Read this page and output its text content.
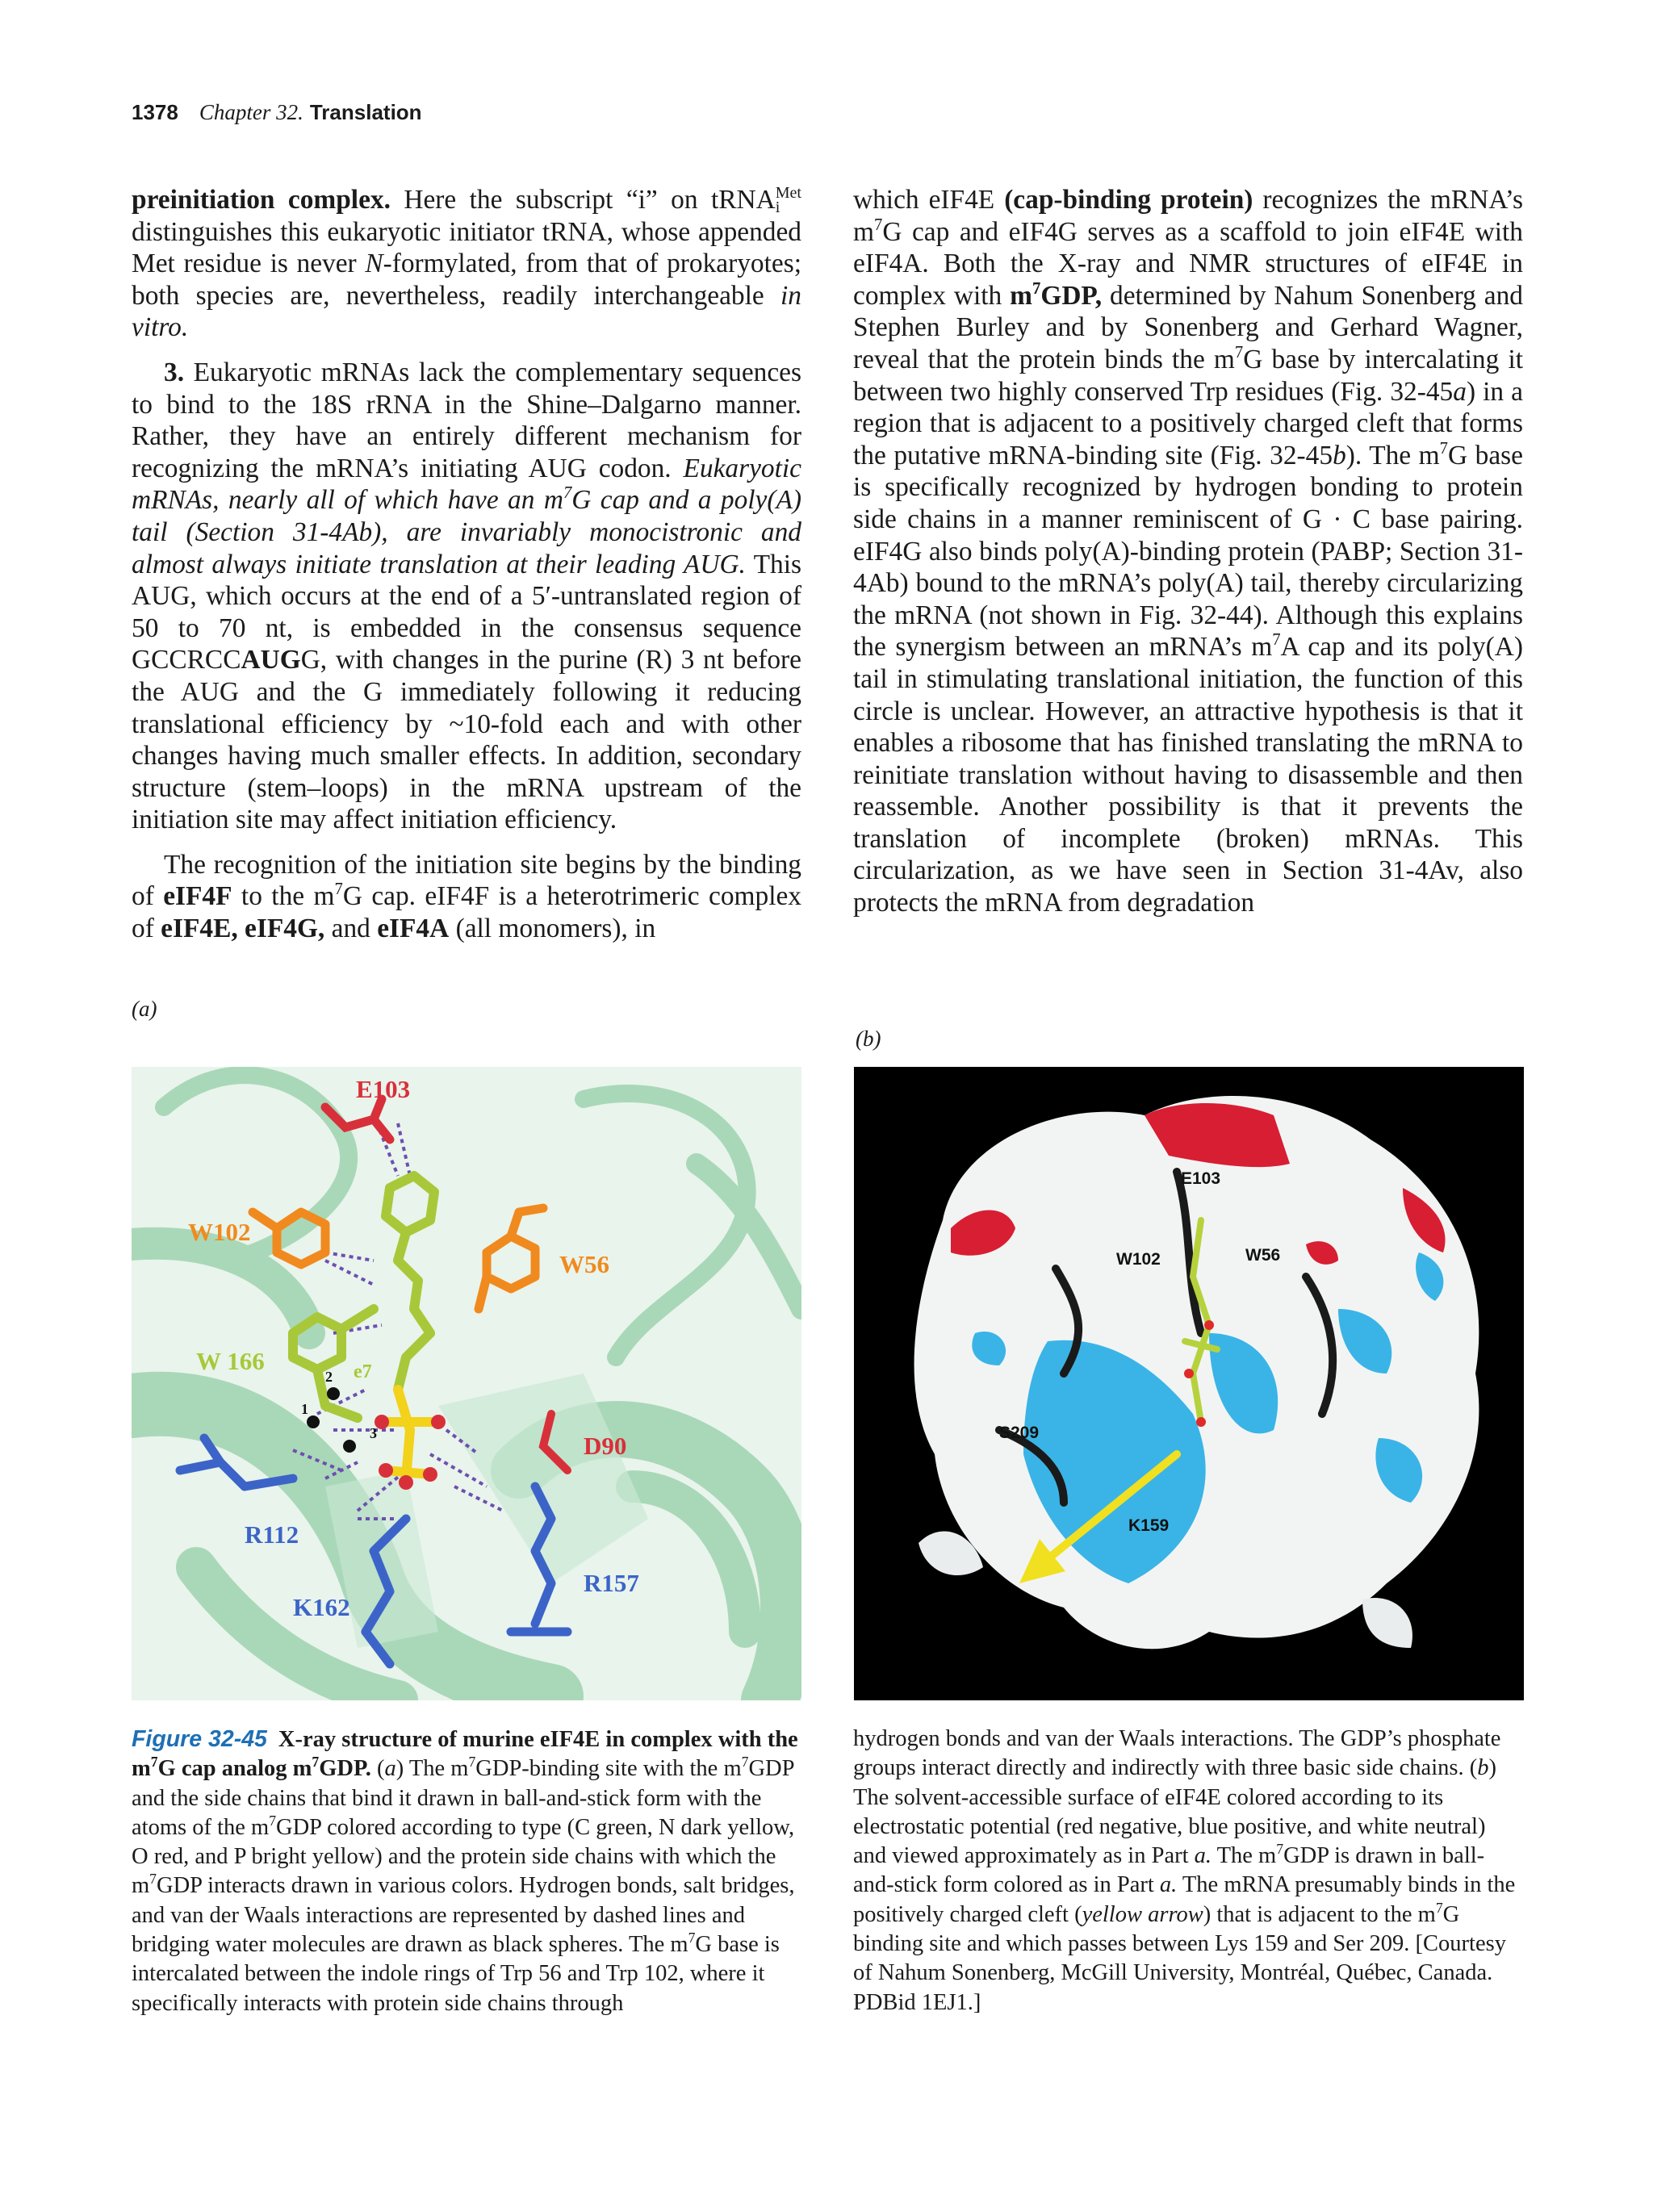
1378 Chapter 32. Translation

preinitiation complex. Here the subscript “i” on tRNA Met
i
distinguishes this eukaryotic initiator tRNA, whose appended Met residue is never N-formylated, from that of prokaryotes; both species are, nevertheless, readily interchangeable in vitro.

3. Eukaryotic mRNAs lack the complementary sequences to bind to the 18S rRNA in the Shine–Dalgarno manner. Rather, they have an entirely different mechanism for recognizing the mRNA’s initiating AUG codon. Eukaryotic mRNAs, nearly all of which have an $m^7G$ cap and a poly(A) tail (Section 31-4Ab), are invariably monocistronic and almost always initiate translation at their leading AUG. This AUG, which occurs at the end of a 5′-untranslated region of 50 to 70 nt, is embedded in the consensus sequence GCCRCCAUGG, with changes in the purine (R) 3 nt before the AUG and the G immediately following it reducing translational efficiency by ~10-fold each and with other changes having much smaller effects. In addition, secondary structure (stem–loops) in the mRNA upstream of the initiation site may affect initiation efficiency.

The recognition of the initiation site begins by the binding of eIF4F to the $m^7G$ cap. eIF4F is a heterotrimeric complex of eIF4E, eIF4G, and eIF4A (all monomers), in

which eIF4E (cap-binding protein) recognizes the mRNA’s $m^7G$ cap and eIF4G serves as a scaffold to join eIF4E with eIF4A. Both the X-ray and NMR structures of eIF4E in complex with $m^7GDP$, determined by Nahum Sonenberg and Stephen Burley and by Sonenberg and Gerhard Wagner, reveal that the protein binds the $m^7G$ base by intercalating it between two highly conserved Trp residues (Fig. 32-45a) in a region that is adjacent to a positively charged cleft that forms the putative mRNA-binding site (Fig. 32-45b). The $m^7G$ base is specifically recognized by hydrogen bonding to protein side chains in a manner reminiscent of G · C base pairing. eIF4G also binds poly(A)-binding protein (PABP; Section 31-4Ab) bound to the mRNA’s poly(A) tail, thereby circularizing the mRNA (not shown in Fig. 32-44). Although this explains the synergism between an mRNA’s $m^7A$ cap and its poly(A) tail in stimulating translational initiation, the function of this circle is unclear. However, an attractive hypothesis is that it enables a ribosome that has finished translating the mRNA to reinitiate translation without having to disassemble and then reassemble. Another possibility is that it prevents the translation of incomplete (broken) mRNAs. This circularization, as we have seen in Section 31-4Av, also protects the mRNA from degradation

(a)
(b)
E103
W102
W56
W 166	e7
D90
R112
R157
K162
2
1
3
E103
W102	W56
S209
K159

Figure 32-45 X-ray structure of murine eIF4E in complex with the $m^7G$ cap analog $m^7GDP$. (a) The $m^7GDP$-binding site with the $m^7GDP$ and the side chains that bind it drawn in ball-and-stick form with the atoms of the $m^7GDP$ colored according to type (C green, N dark yellow, O red, and P bright yellow) and the protein side chains with which the $m^7GDP$ interacts drawn in various colors. Hydrogen bonds, salt bridges, and van der Waals interactions are represented by dashed lines and bridging water molecules are drawn as black spheres. The $m^7G$ base is intercalated between the indole rings of Trp 56 and Trp 102, where it specifically interacts with protein side chains through

hydrogen bonds and van der Waals interactions. The GDP’s phosphate groups interact directly and indirectly with three basic side chains. (b) The solvent-accessible surface of eIF4E colored according to its electrostatic potential (red negative, blue positive, and white neutral) and viewed approximately as in Part a. The $m^7GDP$ is drawn in ball-and-stick form colored as in Part a. The mRNA presumably binds in the positively charged cleft (yellow arrow) that is adjacent to the $m^7G$ binding site and which passes between Lys 159 and Ser 209. [Courtesy of Nahum Sonenberg, McGill University, Montréal, Québec, Canada. PDBid 1EJ1.]
